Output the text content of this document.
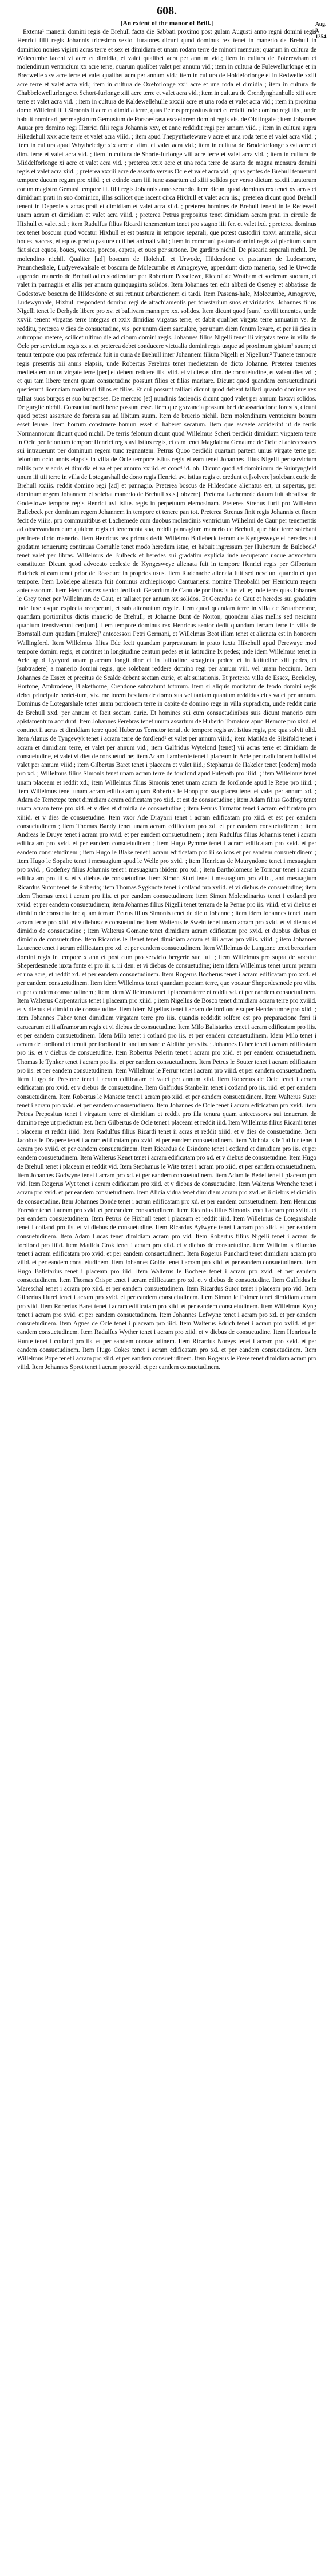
608.
Aug. 3, 1254.
[An extent of the manor of Brill.]

Extenta¹ manerii domini regis de Brehull facta die Sabbati proximo post gulam Augusti anno regni domini regis Henrici filii regis Johannis tricesimo sexto. Iuratores dicunt quod dominus rex tenet in manerio de Brehull in dominico nonies viginti acras terre et sex et dimidiam et unam rodam terre de minori mensura; quarum in cultura de Walecumbe iacent vi acre et dimidia, et valet qualibet acra per annum vid.; item in cultura de Poterewham et molendinum ventricium xx acre terre, quarum qualibet valet per annum vid.; item in cultura de Fulewellurlonge et in Brecwelle xxv acre terre et valet qualibet acra per annum vid.; item in cultura de Holdeforlonge et in Redwelle xxiii acre terre et valet acra vid.; item in cultura de Oxeforlonge xxii acre et una roda et dimidia ; item in cultura de Chabbelewellurlonge et Schort-furlonge xiii acre terre et valet acra vid.; item in cultura de Crendynghanhulle xiii acre terre et valet acra vid. ; item in cultura de Kaldewellehulle xxxiii acre et una roda et valet acra vid.; item in proxima domo Willelmi filii Simonis ii acre et dimidia terre, quas Petrus prepositus tenet et reddit inde domino regi iiis., unde habuit nominari per magistrum Gemusium de Porsoe² rasa escaetorem domini regis vis. de Oldfingale ; item Johannes Auuar pro domino regi Henrici filii regis Johannis xxv, et anne reddidit regi per annum viid. ; item in cultura supra Hikedehull xxx acre terre et valet acra viiid. ; item apud Thepyntheteware v acre et una roda terre et valet acra viid. ; item in cultura apud Whytheledge xix acre et dim. et valet acra vid.; item in cultura de Brodeforlonge xxvi acre et dim. terre et valet acra vid. ; item in cultura de Shorte-furlonge viii acre terre et valet acra vid. ; item in cultura de Middelforlonge xi acre et valet acra vid. ; preterea xxix acre et una roda terre de asarto de magna mensura domini regis et valet acra xiid. ; preterea xxxiii acre de assarto versus Ocle et valet acra vid.; quas gentes de Brehull tenuerunt tempore ducum regum pro xiiid. ; et exinde cum iiii tunc assartum ad xiiii solidos per verso dictum xxxiii iuratorum eorum magistro Gemusi tempore H. filii regis Johannis anno secundo. Item dicunt quod dominus rex tenet xv acras et dimidiam prati in suo dominico, illas scilicet que iacent circa Hixhull et valet acra iis.; preterea dicunt quod Brehull tenent in Depeole x acras prati et dimidiam et valet acra xiid. ; preterea homines de Brehull tenent in le Redewell unam acram et dimidiam et valet acra viiid. ; preterea Petrus prepositus tenet dimidiam acram prati in circule de Hixhull et valet xd. ; item Radulfus filius Ricardi tenementum tenet pro stagno iiii fer. et valet ixd. ; preterea dominus rex tenet boscum quod vocatur Hixhull et est pastura in tempore separali, que potest custodiri xxxvi animalia, sicut boues, vaccas, et equos precio pasture cuilibet animali viid.; item in communi pastura domini regis ad placitum suum fiat sicut equos, boues, vaccas, porcos, capras, et oues per suttone. De gardino nichil. De piscaria separali nichil. De molendino nichil. Qualiter [ad] boscum de Holehull et Urwode, Hildesdone et pasturam de Ludesmore, Prauncheshale, Ludyevewalsale et boscum de Molecumbe et Amogreyve, appendunt dicto manerio, sed le Urwode appendet manerio de Brehull ad custodiendum per Robertum Passelewe, Ricardi de Wratham et socieram suorum, et valet in pannagiis et allis per annum quinquaginta solidos. Item Johannes ten edit abbati de Oseney et abbatisse de Godestowe boscum de Hildesdone et sui retinuit arbarationem ei tardi. Item Passens-hale, Molecumbe, Amogrove, Ludewynhale, Hixhull respondent domino regi de attachiamentis per forestarium suos et viridarios. Johannes filius Nigelli tenet le Derhyde libere pro xv. et ballivam mann pro xx. solidos. Item dicunt quod [sunt] xxviii tenentes, unde xxviii tenent virgatas terre integras et xxix dimidias virgatas terre, et dabit qualibet virgata terre annuatim vs. de redditu, preterea v dies de consuetudine, vis. per unum diem sarculare, per unum diem fenum levare, et per iii dies in autumpno metere, scilicet ultimo die ad cibum domini regis. Johannes filius Nigelli tenet iii virgatas terre in villa de Ocle per servicium regis xx s. et preterea debet conducere victualia domini regis usque ad proximum gistum¹ suum; et tenuit tempore quo pax referenda fuit in curia de Brehull inter Johannem filium Nigelli et Nigellum² Tuanere tempore regis presentis xii annis elapsis, unde Robertus Ferebras tenet medietatem de dicto Johanne. Preterea tenentes medietatem unius virgate terre [per] et debent reddere iiis. viid. et vi dies et dim. de consuetudine, et valent dies vd. ; et qui tam libere tenent quam consuetudine possunt filios et filias maritare. Dicunt quod quandam consuetudinarii querierunt licenciam maritandi filios et filias. Et qui possunt talliari dicunt quod debent talliari quando dominus rex talliat suos burgos et suo burgenses. De mercato [et] nundinis faciendis dicunt quod valet per annum lxxxvi solidos. De gurgite nichil. Consuetudinarii bene possunt esse. Item que gravancia possunt beri de assartacione forestis, dicunt quod potest assartare de foresta sua ad libitum suum. Item de bruerio nichil. Item molendinum ventricium bonum esset leuare. Item hortum construere bonum esset si haberet secatum. Item que escaete acciderint ut de terris Normannorum dicunt quod nichil. De terris felonum dicunt quod Willelmus Scheri perdidit dimidiam virgatem terre in Ocle per felonium tempore Henrici regis avi istius regis, et eam tenet Magdalena Genaume de Ocle et antecessores sui intrauerunt per dominum regem tunc regnantem. Petrus Quoo perdidit quartam partem unius virgate terre per felonium octo annis elapsis in villa de Ocle tempore istius regis et eam tenet Johannes filius Nigelli per servicium talliis pro³ v acris et dimidia et valet per annum xxiiid. et conc⁴ id. ob. Dicunt quod ad dominicum de Suintyngfeld unum iii ttii terre in villa de Lotegarshall de dono regis Henrici avi istius regis et credunt et [solvere] solebant curie de Brehull xxiiis. reddit domino regi [ad] et pannagio. Preterea boscus de Hildesdone alienatus est, ut supertus, per dominum regem Johannem et solebat manerio de Brehull sx.s.[ obvere]. Preterea Lachemede datum fuit abbatisse de Godestowe tempore regis Henrici avi istius regis in perpetuum elemosinam. Preterea Strenus furit pro Willelmo Bullebeck per dominum regem Johannem in tempore et tenere pan tot. Preterea Strenus finit regis Johannis et finem fecit de viiiis. pro communitibus et Lachemede cum duobus molendinis ventricium Wilhelmi de Caur per tenementis ad observandum eum quidem regis et tenementa sua, reddit pannagium manerio de Brehull, que hide terre solebant pertinere dicto manerio. Item Henricus rex primus dedit Willelmo Bullebeck terram de Kyngesweye et heredes sui gradatim tenuerunt; continuas Comuhle tenet modo heredum istae, et habuit ingressum per Hubertum de Bulebeck¹ tenet valet per libras. Willelmus de Bulbeck et heredes sui gradatim explicia inde recuperant usque advocatum constitutor. Dicunt quod advocato ecclesie de Kyngesweye alienata fuit in tempore Henrici regis per Gilbertum Bulebek et eam tenet prior de Rosseure in proprios usus. Item Rudenache alienata fuit sed nesciunt quando et quo tempore. Item Lokelepe alienata fuit dominus archiepiscopo Cantuariensi nomine Theobaldi per Henricum regem antecessorum. Item Henricus rex senior feoffauit Gerardum de Canu de portibus istius ville; inde terra quas Iohannes le Grey tenet per Willelmum de Caut, et tallaret per annum xx solidos. Et Gerardus de Caut et heredes sui gradatim inde fuse usque explecia receperunt, et sub alteractum regale. Item quod quandam terre in villa de Seuarberorne, quandam portionibus dictis manerio de Brehull; et Johanne Bunt de Norton, quondam alias mellis sed nesciunt quantum trensivecunt cert[um]. Item tempore dominus rex Henricus senior dedit quandam terram terre in villa de Bornstall cum quadam [mulere]² antecessori Petri Germani, et Willelmus Beot illam tenet et alienata est in honorem Wallingford. Item Willelmus filius Ede fecit quandam purpresturam in prato iuxta Hikehull apud Ferewaye mod tempore domini regis, et continet in longitudine centum pedes et in latitudine lx pedes; inde idem Willelmus tenet in Acle apud Lyeyord unam placeam longitudine et in latitudine sexaginta pedes; et in latitudine xiii pedes, et [subtradere] a manerio domini regis, que solebant reddere domino regi per annum viii. vel unam heccium. Item Johannes de Essex et precitus de Scalde debent sectam curie, et alt suitationis. Et preterea villa de Essex, Beckeley, Hortone, Ambrodene, Blakethorne, Crendone subtrahunt totorum. Item si aliquis moritatur de feodo domini regis debet principale heriet-tum, viz. meliorem bestiam de domo sua vel tantam quantum reddidus eius valet per annum. Dominus de Lotegarshale tenet unam porcionem terre in capite de domino rege in villa supradicta, unde reddit curie de Brehull xxd. per annum et facit sectam curie. Et homines sui cum consuetudinibus suis dicunt manerio cum apistamentum accidunt. Item Johannes Ferebras tenet unum assartum de Huberto Tornatore apud Hemore pro xixd. et continet ii acras et dimidiam terre quod Hubertus Tornator tenuit de tempore regis avi istius regis, pro qua solvit tdid. Item Alanus de Tyngewyk tenet i acram terre de fordlend¹ et valet per annum viiid.; item Matilda de Silsifold tenet i acram et dimidiam terre, et valet per annum vid.; item Galfridus Wytelond [tenet] vii acras terre et dimidiam de consuetudine, et valet vi dies de consuetudine; item Adam Lamberde tenet i placeam in Acle per tradicionem ballivi et valet per annum viiid.; item Gilbertus Baret tenet i placeam et valet iiid.; Stephanus de Hakcler tenet [eodem] modo pro xd. ; Willelmus filius Simonis tenet unam acram terre de fordlond apud Fulepath pro iiiid. ; item Willelmus tenet unam placeam et reddit xd.; item Willelmus filius Simonis tenet unam acram de fordlonde apud le Repe pro iiiid. ; item Willelmus tenet unam acram edificatam quam Robertus le Hoop pro sua placea tenet et valet per annum xd. ; Adam de Ternetepe tenet dimidiam acram edificatam pro xiid. et est de consuetudine ; item Adam filius Godfrey tenet unam acram terre pro xid. et v dies et dimidia de consuetudine ; item Ferrus Turnator tenet i acram edificatam pro xiiiid. et v dies de consuetudine. Item vxor Ade Drayarii tenet i acram edificatam pro xiid. et est per eandem consuetudinem ; item Thomas Bandy tenet unam acram edificatam pro xd. et per eandem consuetudinem ; item Andreas le Druye tenet i acram pro xvid. et per eandem consuetudinem ; item Radulfus filius Johannis tenet i acram edificatam pro xvid. et per eandem consuetudinem ; item Hugo Pymme tenet i acram edificatam pro xvid. et per eandem consuetudinem ; item Hugo le Blake tenet i acram edificatam pro iii solidos et per eandem consuetudinem ; item Hugo le Sopalre tenet i mesuagium apud le Welle pro xvid. ; item Henricus de Mauryndone tenet i mesuagium pro xvid. ; Godefrey filius Johannis tenet i mesuagium ibidem pro xd. ; item Bartholomeus le Tornour tenet i acram edificatam pro iii s. et v diebus de consuetudine. Item Simon Sturt tenet i mesuagium pro viiid., and mesuagium Ricardus Sutor tenet de Roberto; item Thomas Sygknote tenet i cotland pro xviid. et vi diebus de consuetudine; item idem Thomas tenet i acram pro iiis. et per eandem consuetudinem; item Simon Molendinarius tenet i cotland pro xviid. et per eandem consuetudinem; item Johannes filius Nigelli tenet terram de la Penne pro iis. viiid. et vi diebus et dimidio de consuetudine quam terram Petrus filius Simonis tenet de dicto Johanne ; item idem Iohannes tenet unam acram terre pro xiid. et v diebus de consuetudine; item Walterus le Swein tenet unam acram pro xvid. et vi diebus et dimidio de consuetudine ; item Walterus Gomane tenet dimidiam acram edificatam pro xvid. et duobus diebus et dimidio de consuetudine. Item Ricardus le Benet tenet dimidiam acram et iiii acras pro viiis. viiid. ; item Johannes Laurence tenet i acram edificatam pro xd. et per eandem consuetudinem. Item Willelmus de Langtone tenet bercariam domini regis in tempore x ann et post cum pro servicio bergerie sue fuit ; item Willelmus pro supra de vocatur Sheperdesmede iuxta fonte ei pro iii s. iii den. et vi diebus de consuetudine; item idem Willelmus tenet unum pratum et una acre, et reddit xd. et per eandem consuetudinem. Item Rogerus Bocherus tenet i acram edificatam pro xxd. et per eandem consuetudinem. Item idem Willelmus tenet quandam peciam terre, que vocatur Sheperdesmede pro viiis. et per eandem consuetudinem ; item idem Willelmus tenet i placeam terre et reddit vd. et per eandem consuetudinem. Item Walterus Carpentarius tenet i placeam pro xiiid. ; item Nigellus de Bosco tenet dimidiam acram terre pro xviiid. et v diebus et dimidio de consuetudine. Item idem Nigellus tenet i acram de fordlonde super Hendecumbe pro xiid. ; item Johannes Faber tenet dimidiam virgatam terre pro iiis. quandis reddidit rolfere est pro preparacione ferri ii carucarum et ii afframorum regis et vi diebus de consuetudine. Item Milo Balistarius tenet i acram edificatam pro iiis. et per eandem consuetudinem. Idem Milo tenet i cotland pro iis. et per eandem consuetudinem. Idem Milo tenet i acram de fordlond et tenuit per fordlond in ancium sancte Aldithe pro viis. ; Johannes Faber tenet i acram edificatam pro iis. et v diebus de consuetudine. Item Robertus Pelerin tenet i acram pro xiid. et per eandem consuetudinem. Thomas le Tynker tenet i acram pro iis. et per eandem consuetudinem. Item Petrus le Souter tenet i acram edificatam pro iis. et per eandem consuetudinem. Item Willelmus le Ferrur tenet i acram pro viiid. et per eandem consuetudinem. Item Hugo de Prestone tenet i acram edificatam et valet per annum xiid. Item Robertus de Ocle tenet i acram edificatam pro xvid. et v diebus de consuetudine. Item Galfridus Stanbelin tenet i cotland pro iis. iiid. et per eandem consuetudinem. Item Robertus le Mansete tenet i acram pro xiid. et per eandem consuetudinem. Item Walterus Sutor tenet i acram pro xvid. et per eandem consuetudinem. Item Johannes de Ocle tenet i acram edificatam pro xvid. Item Petrus Prepositus tenet i virgatam terre et dimidiam et reddit pro illa tenura quam antecessores sui tenuerunt de domino rege ut predictum est. Item Gilbertus de Ocle tenet i placeam et reddit iiid. Item Willelmus filius Ricardi tenet i placeam et reddit iiiid. Item Radulfus filius Ricardi tenet ii acras et reddit xiiid. et v dies de consuetudine. Item Jacobus le Drapere tenet i acram edificatam pro xvid. et per eandem consuetudinem. Item Nicholaus le Taillur tenet i acram pro xviid. et per eandem consuetudinem. Item Ricardus de Esindone tenet i cotland et dimidiam pro iis. et per eandem consuetudinem. Item Walterus Kenet tenet i acram edificatam pro xd. et v diebus de consuetudine. Item Hugo de Brehull tenet i placeam et reddit vid. Item Stephanus le Wite tenet i acram pro xiid. et per eandem consuetudinem. Item Johannes Godwyne tenet i acram pro xd. et per eandem consuetudinem. Item Adam le Bedel tenet i placeam pro vid. Item Rogerus Wyt tenet i acram edificatam pro xiid. et v diebus de consuetudine. Item Walterus Wrenche tenet i acram pro xvid. et per eandem consuetudinem. Item Alicia vidua tenet dimidiam acram pro xvd. et ii diebus et dimidio de consuetudine. Item Johannes Bonde tenet i acram edificatam pro xd. et per eandem consuetudinem. Item Henricus Forester tenet i acram pro xvid. et per eandem consuetudinem. Item Ricardus filius Simonis tenet i acram pro xviid. et per eandem consuetudinem. Item Petrus de Hixhull tenet i placeam et reddit iiiid. Item Willelmus de Lotegarshale tenet i cotland pro iis. et vi diebus de consuetudine. Item Ricardus Aylwyne tenet i acram pro xiid. et per eandem consuetudinem. Item Adam Lucas tenet dimidiam acram pro vid. Item Robertus filius Nigelli tenet i acram de fordlond pro iiiid. Item Matilda Crok tenet i acram pro xiid. et v diebus de consuetudine. Item Willelmus Blundus tenet i acram edificatam pro xvid. et per eandem consuetudinem. Item Rogerus Punchard tenet dimidiam acram pro viiid. et per eandem consuetudinem. Item Johannes Golde tenet i acram pro xiid. et per eandem consuetudinem. Item Hugo Balistarius tenet i placeam pro iiid. Item Walterus le Bochere tenet i acram pro xvid. et per eandem consuetudinem. Item Thomas Crispe tenet i acram edificatam pro xd. et v diebus de consuetudine. Item Galfridus le Mareschal tenet i acram pro xiid. et per eandem consuetudinem. Item Ricardus Sutor tenet i placeam pro vid. Item Gilbertus Hurel tenet i acram pro xvid. et per eandem consuetudinem. Item Simon le Palmer tenet dimidiam acram pro viid. Item Robertus Baret tenet i acram edificatam pro xiid. et per eandem consuetudinem. Item Willelmus Kyng tenet i acram pro xvid. et per eandem consuetudinem. Item Johannes Lefwyne tenet i acram pro xd. et per eandem consuetudinem. Item Agnes de Ocle tenet i placeam pro iiid. Item Walterus Edrich tenet i acram pro xviid. et per eandem consuetudinem. Item Radulfus Wyther tenet i acram pro xiid. et v diebus de consuetudine. Item Henricus le Hunte tenet i cotland pro iis. et per eandem consuetudinem. Item Ricardus Noreys tenet i acram pro xvid. et per eandem consuetudinem. Item Hugo Cokes tenet i acram edificatam pro xd. et per eandem consuetudinem. Item Willelmus Pope tenet i acram pro xiid. et per eandem consuetudinem. Item Rogerus le Frere tenet dimidiam acram pro viiid. Item Johannes Sprot tenet i acram pro xvid. et per eandem consuetudinem.
